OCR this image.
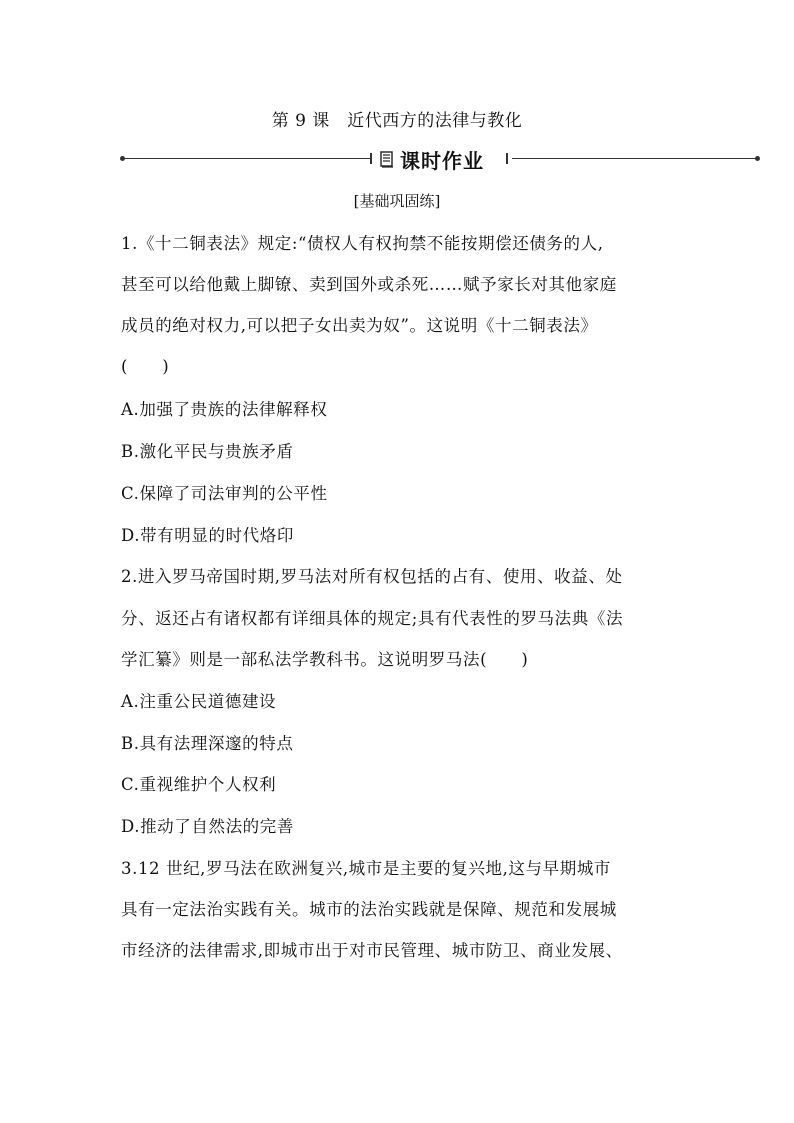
第 9 课　近代西方的法律与教化
课时作业
[基础巩固练]
1.《十二铜表法》规定:“债权人有权拘禁不能按期偿还债务的人,
甚至可以给他戴上脚镣、卖到国外或杀死……赋予家长对其他家庭
成员的绝对权力,可以把子女出卖为奴”。这说明《十二铜表法》
(　　)
A.加强了贵族的法律解释权
B.激化平民与贵族矛盾
C.保障了司法审判的公平性
D.带有明显的时代烙印
2.进入罗马帝国时期,罗马法对所有权包括的占有、使用、收益、处
分、返还占有诸权都有详细具体的规定;具有代表性的罗马法典《法
学汇纂》则是一部私法学教科书。这说明罗马法(　　)
A.注重公民道德建设
B.具有法理深邃的特点
C.重视维护个人权利
D.推动了自然法的完善
3.12 世纪,罗马法在欧洲复兴,城市是主要的复兴地,这与早期城市
具有一定法治实践有关。城市的法治实践就是保障、规范和发展城
市经济的法律需求,即城市出于对市民管理、城市防卫、商业发展、
